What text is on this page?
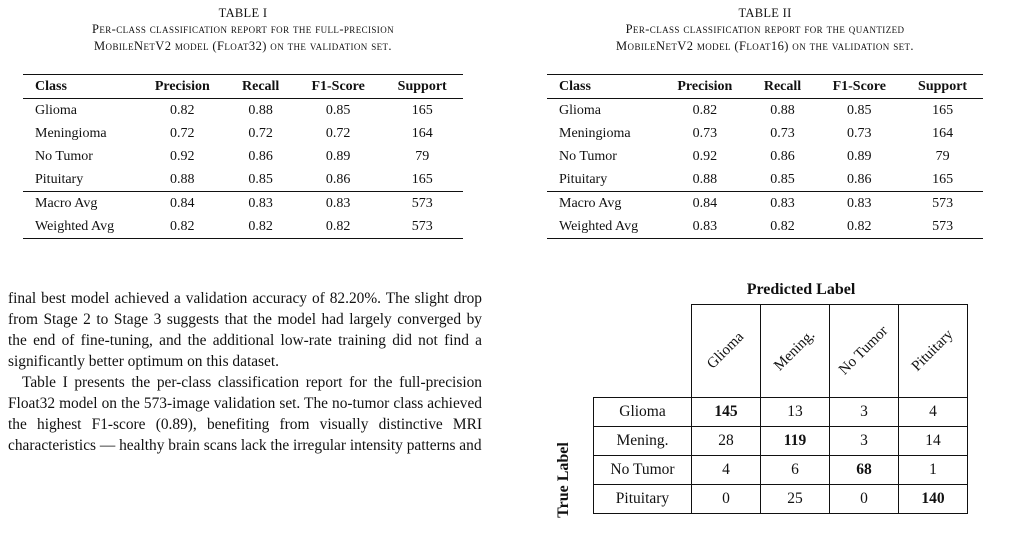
TABLE I
Per-class classification report for the full-precision
MobileNetV2 model (Float32) on the validation set.
Class	Precision	Recall	F1-Score	Support
Glioma	0.82	0.88	0.85	165
Meningioma	0.72	0.72	0.72	164
No Tumor	0.92	0.86	0.89	79
Pituitary	0.88	0.85	0.86	165
Macro Avg	0.84	0.83	0.83	573
Weighted Avg	0.82	0.82	0.82	573
TABLE II
Per-class classification report for the quantized
MobileNetV2 model (Float16) on the validation set.
Class	Precision	Recall	F1-Score	Support
Glioma	0.82	0.88	0.85	165
Meningioma	0.73	0.73	0.73	164
No Tumor	0.92	0.86	0.89	79
Pituitary	0.88	0.85	0.86	165
Macro Avg	0.84	0.83	0.83	573
Weighted Avg	0.83	0.82	0.82	573

final best model achieved a validation accuracy of 82.20%. The slight drop from Stage 2 to Stage 3 suggests that the model had largely converged by the end of fine-tuning, and the additional low-rate training did not find a significantly better optimum on this dataset.

Table I presents the per-class classification report for the full-precision Float32 model on the 573-image validation set. The no-tumor class achieved the highest F1-score (0.89), benefiting from visually distinctive MRI characteristics — healthy brain scans lack the irregular intensity patterns and

Predicted Label
True Label

	Glioma	Mening.	No Tumor	Pituitary

Glioma	145	13	3	4
Mening.	28	119	3	14
No Tumor	4	6	68	1
Pituitary	0	25	0	140
